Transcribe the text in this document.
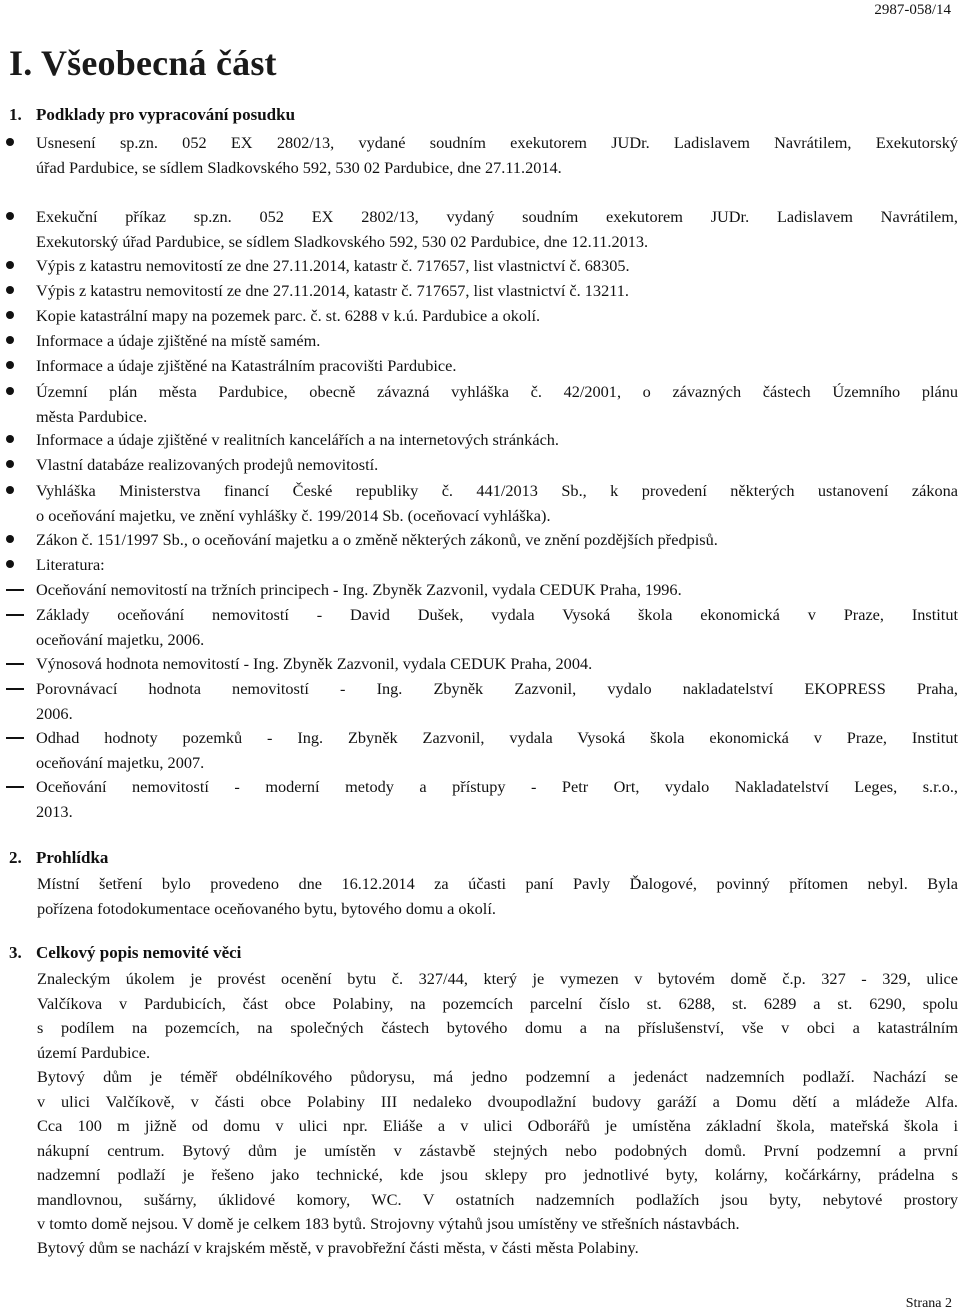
2987-058/14
I. Všeobecná část
1. Podklady pro vypracování posudku
Usnesení sp.zn. 052 EX 2802/13, vydané soudním exekutorem JUDr. Ladislavem Navrátilem, Exekutorský
úřad Pardubice, se sídlem Sladkovského 592, 530 02 Pardubice, dne 27.11.2014.
Exekuční příkaz sp.zn. 052 EX 2802/13, vydaný soudním exekutorem JUDr. Ladislavem Navrátilem,
Exekutorský úřad Pardubice, se sídlem Sladkovského 592, 530 02 Pardubice, dne 12.11.2013.
Výpis z katastru nemovitostí ze dne 27.11.2014, katastr č. 717657, list vlastnictví č. 68305.
Výpis z katastru nemovitostí ze dne 27.11.2014, katastr č. 717657, list vlastnictví č. 13211.
Kopie katastrální mapy na pozemek parc. č. st. 6288 v k.ú. Pardubice a okolí.
Informace a údaje zjištěné na místě samém.
Informace a údaje zjištěné na Katastrálním pracovišti Pardubice.
Územní plán města Pardubice, obecně závazná vyhláška č. 42/2001, o závazných částech Územního plánu
města Pardubice.
Informace a údaje zjištěné v realitních kancelářích a na internetových stránkách.
Vlastní databáze realizovaných prodejů nemovitostí.
Vyhláška Ministerstva financí České republiky č. 441/2013 Sb., k provedení některých ustanovení zákona
o oceňování majetku, ve znění vyhlášky č. 199/2014 Sb. (oceňovací vyhláška).
Zákon č. 151/1997 Sb., o oceňování majetku a o změně některých zákonů, ve znění pozdějších předpisů.
Literatura:
Oceňování nemovitostí na tržních principech - Ing. Zbyněk Zazvonil, vydala CEDUK Praha, 1996.
Základy oceňování nemovitostí - David Dušek, vydala Vysoká škola ekonomická v Praze, Institut
oceňování majetku, 2006.
Výnosová hodnota nemovitostí - Ing. Zbyněk Zazvonil, vydala CEDUK Praha, 2004.
Porovnávací hodnota nemovitostí - Ing. Zbyněk Zazvonil, vydalo nakladatelství EKOPRESS Praha,
2006.
Odhad hodnoty pozemků - Ing. Zbyněk Zazvonil, vydala Vysoká škola ekonomická v Praze, Institut
oceňování majetku, 2007.
Oceňování nemovitostí - moderní metody a přístupy - Petr Ort, vydalo Nakladatelství Leges, s.r.o.,
2013.
2. Prohlídka
Místní šetření bylo provedeno dne 16.12.2014 za účasti paní Pavly Ďalogové, povinný přítomen nebyl. Byla
pořízena fotodokumentace oceňovaného bytu, bytového domu a okolí.
3. Celkový popis nemovité věci
Znaleckým úkolem je provést ocenění bytu č. 327/44, který je vymezen v bytovém domě č.p. 327 - 329, ulice
Valčíkova v Pardubicích, část obce Polabiny, na pozemcích parcelní číslo st. 6288, st. 6289 a st. 6290, spolu
s podílem na pozemcích, na společných částech bytového domu a na příslušenství, vše v obci a katastrálním
území Pardubice.
Bytový dům je téměř obdélníkového půdorysu, má jedno podzemní a jedenáct nadzemních podlaží. Nachází se
v ulici Valčíkově, v části obce Polabiny III nedaleko dvoupodlažní budovy garáží a Domu dětí a mládeže Alfa.
Cca 100 m jižně od domu v ulici npr. Eliáše a v ulici Odborářů je umístěna základní škola, mateřská škola i
nákupní centrum. Bytový dům je umístěn v zástavbě stejných nebo podobných domů. První podzemní a první
nadzemní podlaží je řešeno jako technické, kde jsou sklepy pro jednotlivé byty, kolárny, kočárkárny, prádelna s
mandlovnou, sušárny, úklidové komory, WC. V ostatních nadzemních podlažích jsou byty, nebytové prostory
v tomto domě nejsou. V domě je celkem 183 bytů. Strojovny výtahů jsou umístěny ve střešních nástavbách.
Bytový dům se nachází v krajském městě, v pravobřežní části města, v části města Polabiny.
Strana 2
